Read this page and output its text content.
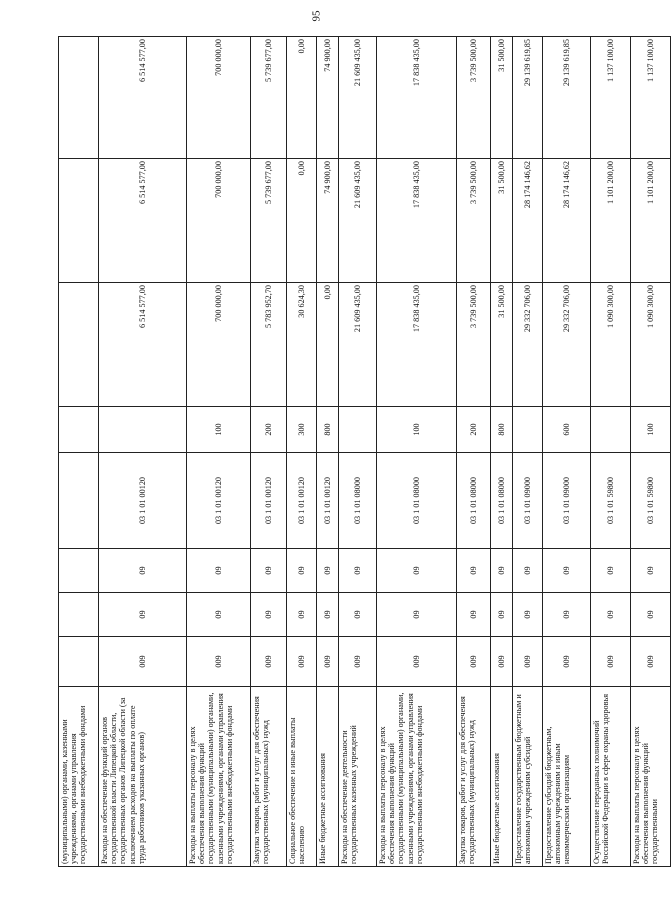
95
(муниципальными) органами, казенными учреждениями, органами управления государственными внебюджетными фондами								
Расходы на обеспечение функций органов государственной власти Липецкой области, государственных органов Липецкой области (за исключением расходов на выплаты по оплате труда работников указанных органов)	009	09	09	03 1 01 00120		6 514 577,00	6 514 577,00	6 514 577,00
Расходы на выплаты персоналу в целях обеспечения выполнения функций государственными (муниципальными) органами, казенными учреждениями, органами управления государственными внебюджетными фондами	009	09	09	03 1 01 00120	100	700 000,00	700 000,00	700 000,00
Закупка товаров, работ и услуг для обеспечения государственных (муниципальных) нужд	009	09	09	03 1 01 00120	200	5 783 952,70	5 739 677,00	5 739 677,00
Социальное обеспечение и иные выплаты населению	009	09	09	03 1 01 00120	300	30 624,30	0,00	0,00
Иные бюджетные ассигнования	009	09	09	03 1 01 00120	800	0,00	74 900,00	74 900,00
Расходы на обеспечение деятельности государственных казенных учреждений	009	09	09	03 1 01 08000		21 609 435,00	21 609 435,00	21 609 435,00
Расходы на выплаты персоналу в целях обеспечения выполнения функций государственными (муниципальными) органами, казенными учреждениями, органами управления государственными внебюджетными фондами	009	09	09	03 1 01 08000	100	17 838 435,00	17 838 435,00	17 838 435,00
Закупка товаров, работ и услуг для обеспечения государственных (муниципальных) нужд	009	09	09	03 1 01 08000	200	3 739 500,00	3 739 500,00	3 739 500,00
Иные бюджетные ассигнования	009	09	09	03 1 01 08000	800	31 500,00	31 500,00	31 500,00
Предоставление государственным бюджетным и автономным учреждениям субсидий	009	09	09	03 1 01 09000		29 332 706,00	28 174 146,62	29 139 619,85
Предоставление субсидий бюджетным, автономным учреждениям и иным некоммерческим организациям	009	09	09	03 1 01 09000	600	29 332 706,00	28 174 146,62	29 139 619,85
Осуществление переданных полномочий Российской Федерации в сфере охраны здоровья	009	09	09	03 1 01 59800		1 090 300,00	1 101 200,00	1 137 100,00
Расходы на выплаты персоналу в целях обеспечения выполнения функций государственными	009	09	09	03 1 01 59800	100	1 090 300,00	1 101 200,00	1 137 100,00
